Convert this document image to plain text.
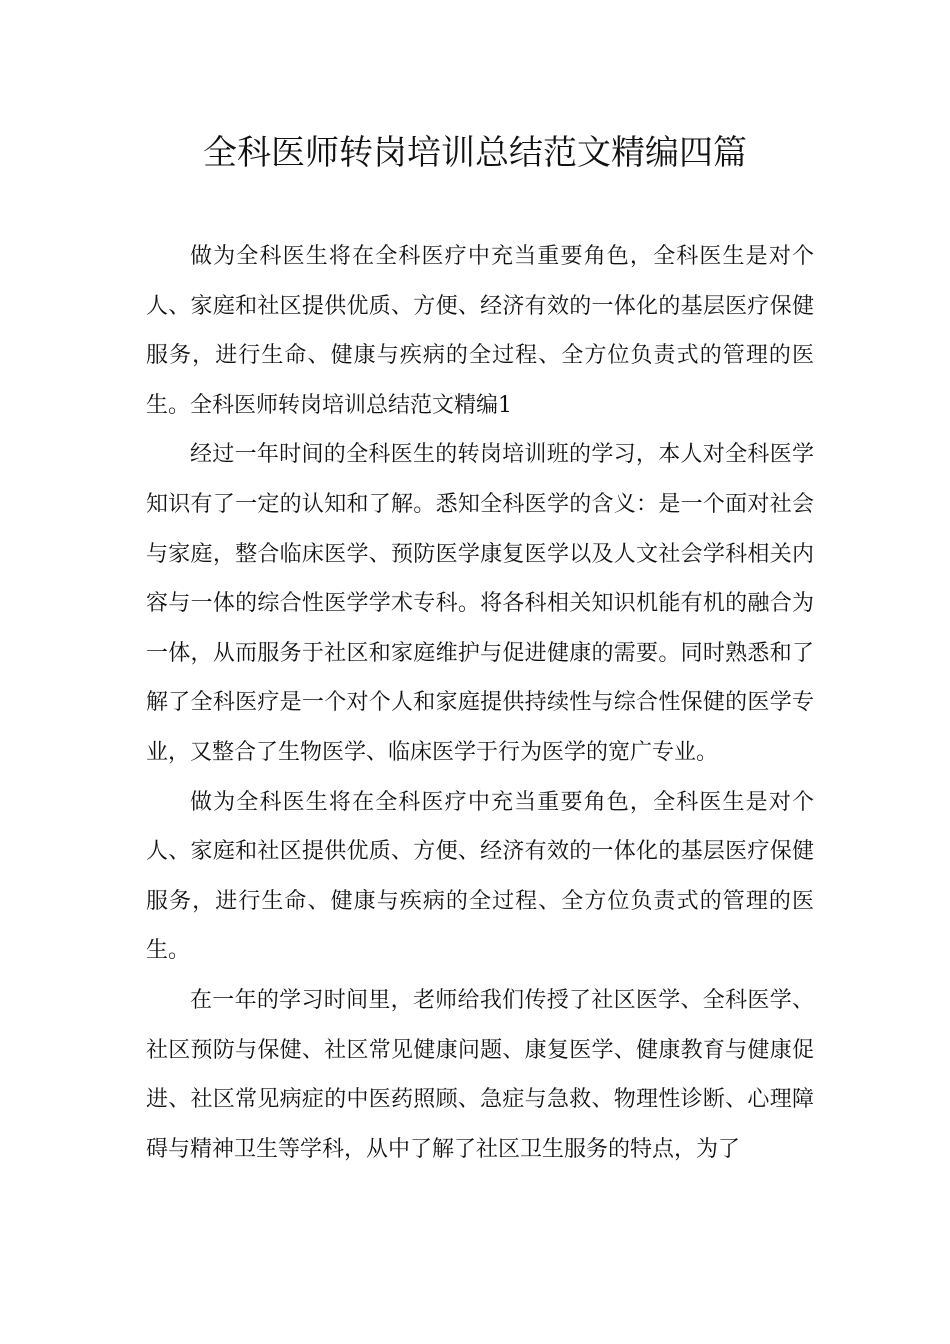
全科医师转岗培训总结范文精编四篇

做为全科医生将在全科医疗中充当重要角色，全科医生是对个人、家庭和社区提供优质、方便、经济有效的一体化的基层医疗保健服务，进行生命、健康与疾病的全过程、全方位负责式的管理的医生。全科医师转岗培训总结范文精编1

经过一年时间的全科医生的转岗培训班的学习，本人对全科医学知识有了一定的认知和了解。悉知全科医学的含义：是一个面对社会与家庭，整合临床医学、预防医学康复医学以及人文社会学科相关内容与一体的综合性医学学术专科。将各科相关知识机能有机的融合为一体，从而服务于社区和家庭维护与促进健康的需要。同时熟悉和了解了全科医疗是一个对个人和家庭提供持续性与综合性保健的医学专业，又整合了生物医学、临床医学于行为医学的宽广专业。

做为全科医生将在全科医疗中充当重要角色，全科医生是对个人、家庭和社区提供优质、方便、经济有效的一体化的基层医疗保健服务，进行生命、健康与疾病的全过程、全方位负责式的管理的医生。

在一年的学习时间里，老师给我们传授了社区医学、全科医学、社区预防与保健、社区常见健康问题、康复医学、健康教育与健康促进、社区常见病症的中医药照顾、急症与急救、物理性诊断、心理障碍与精神卫生等学科，从中了解了社区卫生服务的特点，为了
